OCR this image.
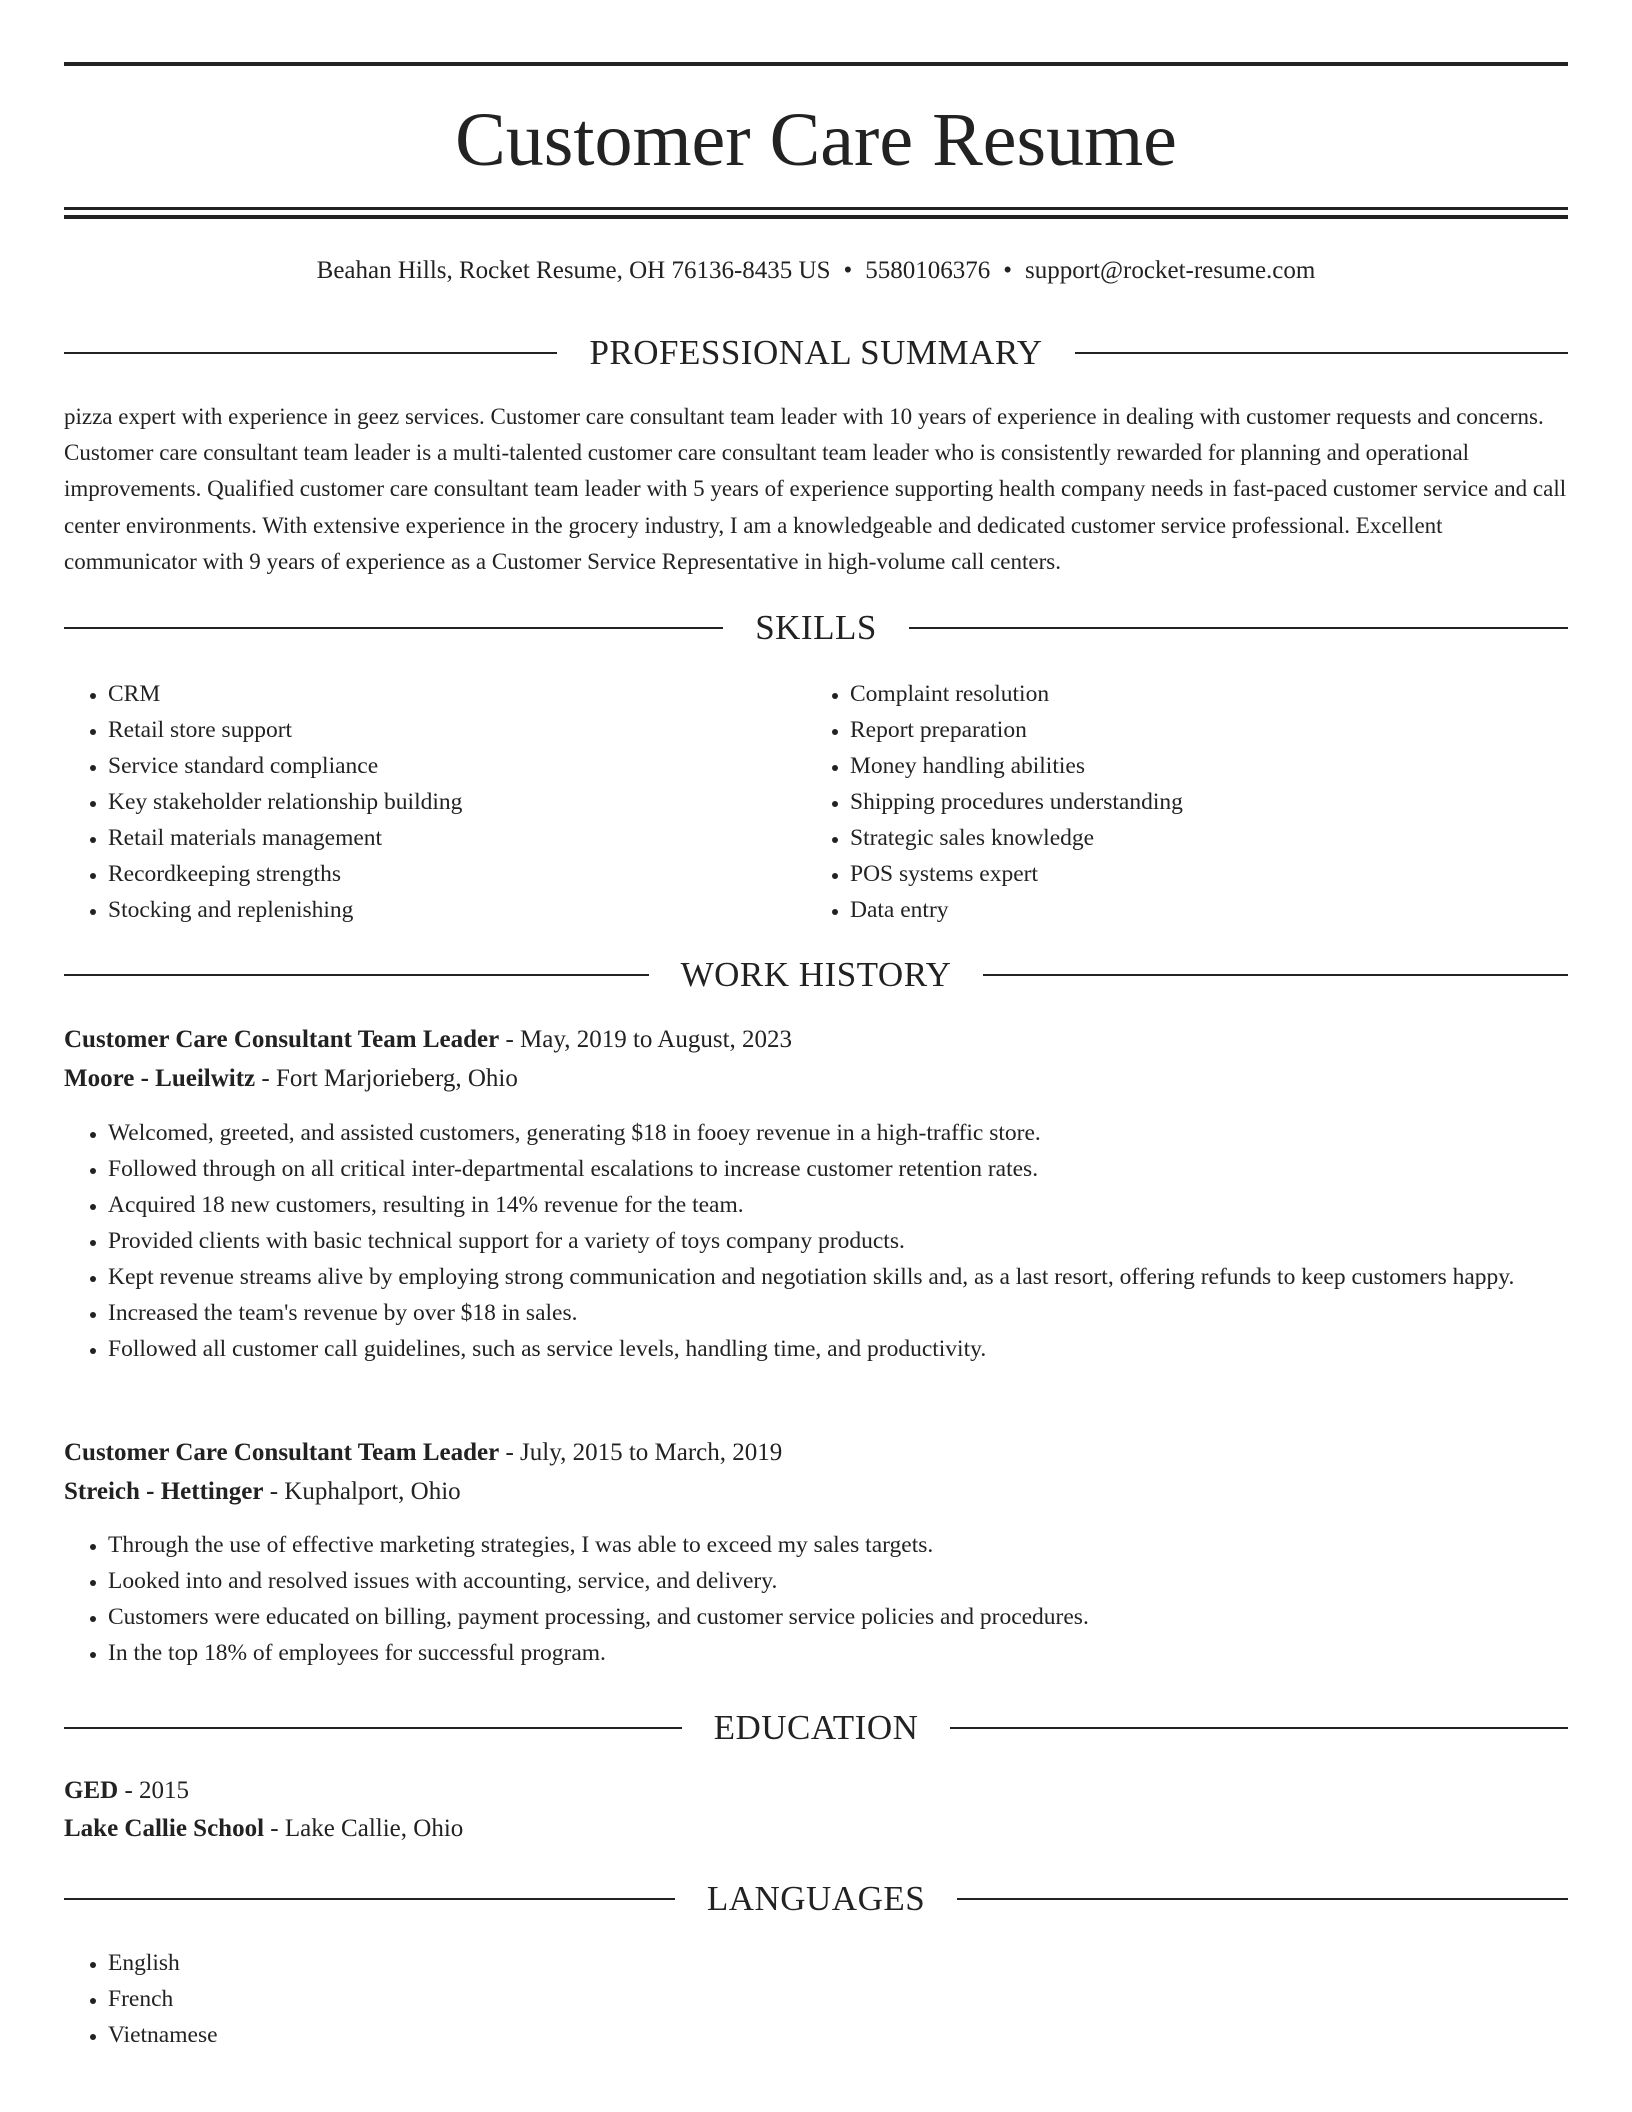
Customer Care Resume
Beahan Hills, Rocket Resume, OH 76136-8435 US • 5580106376 • support@rocket-resume.com
PROFESSIONAL SUMMARY

pizza expert with experience in geez services. Customer care consultant team leader with 10 years of experience in dealing with customer requests and concerns. Customer care consultant team leader is a multi-talented customer care consultant team leader who is consistently rewarded for planning and operational improvements. Qualified customer care consultant team leader with 5 years of experience supporting health company needs in fast-paced customer service and call center environments. With extensive experience in the grocery industry, I am a knowledgeable and dedicated customer service professional. Excellent communicator with 9 years of experience as a Customer Service Representative in high-volume call centers.

SKILLS
• CRM
• Retail store support
• Service standard compliance
• Key stakeholder relationship building
• Retail materials management
• Recordkeeping strengths
• Stocking and replenishing
• Complaint resolution
• Report preparation
• Money handling abilities
• Shipping procedures understanding
• Strategic sales knowledge
• POS systems expert
• Data entry
WORK HISTORY
Customer Care Consultant Team Leader - May, 2019 to August, 2023
Moore - Lueilwitz - Fort Marjorieberg, Ohio
• Welcomed, greeted, and assisted customers, generating $18 in fooey revenue in a high-traffic store.
• Followed through on all critical inter-departmental escalations to increase customer retention rates.
• Acquired 18 new customers, resulting in 14% revenue for the team.
• Provided clients with basic technical support for a variety of toys company products.
• Kept revenue streams alive by employing strong communication and negotiation skills and, as a last resort, offering refunds to keep customers happy.
• Increased the team's revenue by over $18 in sales.
• Followed all customer call guidelines, such as service levels, handling time, and productivity.
Customer Care Consultant Team Leader - July, 2015 to March, 2019
Streich - Hettinger - Kuphalport, Ohio
• Through the use of effective marketing strategies, I was able to exceed my sales targets.
• Looked into and resolved issues with accounting, service, and delivery.
• Customers were educated on billing, payment processing, and customer service policies and procedures.
• In the top 18% of employees for successful program.
EDUCATION
GED - 2015
Lake Callie School - Lake Callie, Ohio
LANGUAGES
• English
• French
• Vietnamese
